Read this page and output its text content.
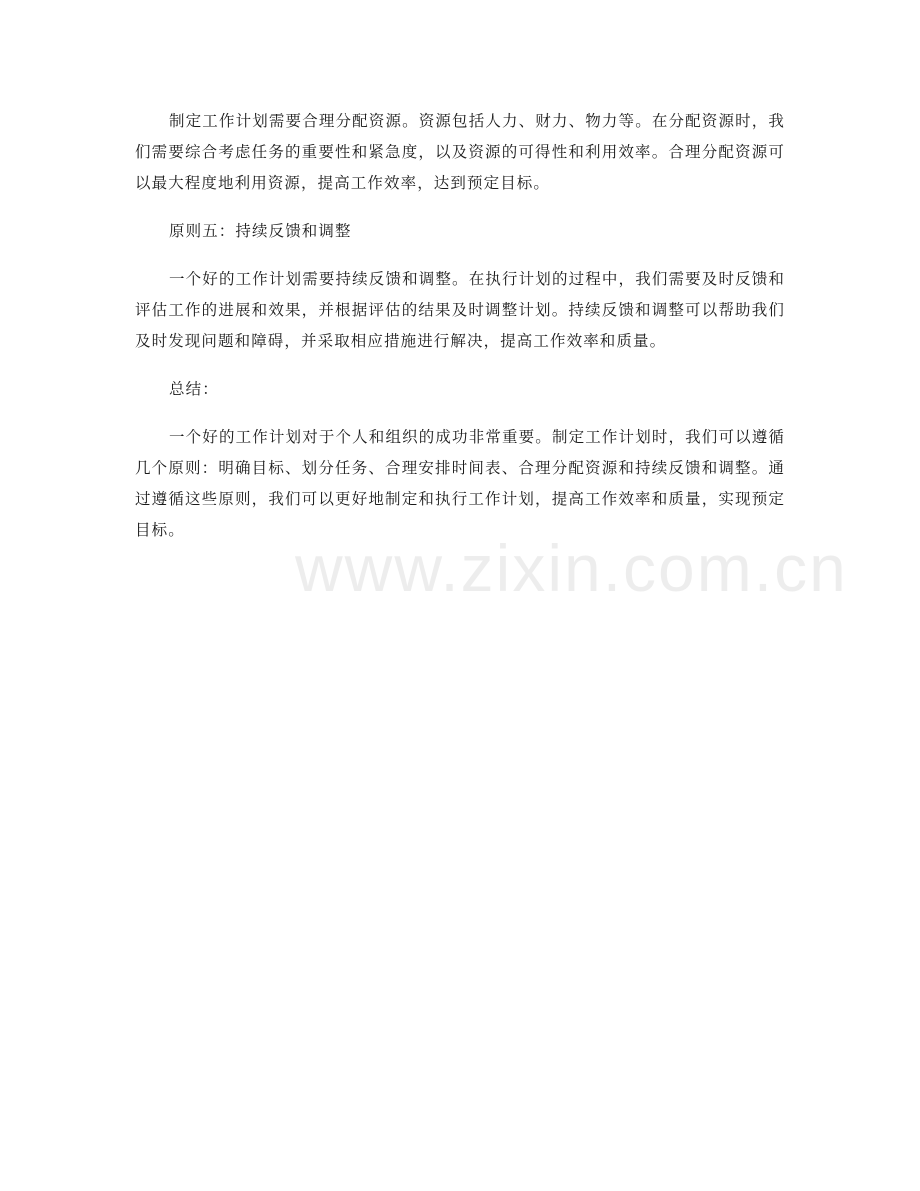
制定工作计划需要合理分配资源。资源包括人力、财力、物力等。在分配资源时，我们需要综合考虑任务的重要性和紧急度，以及资源的可得性和利用效率。合理分配资源可以最大程度地利用资源，提高工作效率，达到预定目标。

原则五：持续反馈和调整

一个好的工作计划需要持续反馈和调整。在执行计划的过程中，我们需要及时反馈和评估工作的进展和效果，并根据评估的结果及时调整计划。持续反馈和调整可以帮助我们及时发现问题和障碍，并采取相应措施进行解决，提高工作效率和质量。

总结：

一个好的工作计划对于个人和组织的成功非常重要。制定工作计划时，我们可以遵循几个原则：明确目标、划分任务、合理安排时间表、合理分配资源和持续反馈和调整。通过遵循这些原则，我们可以更好地制定和执行工作计划，提高工作效率和质量，实现预定目标。

www.zixin.com.cn
